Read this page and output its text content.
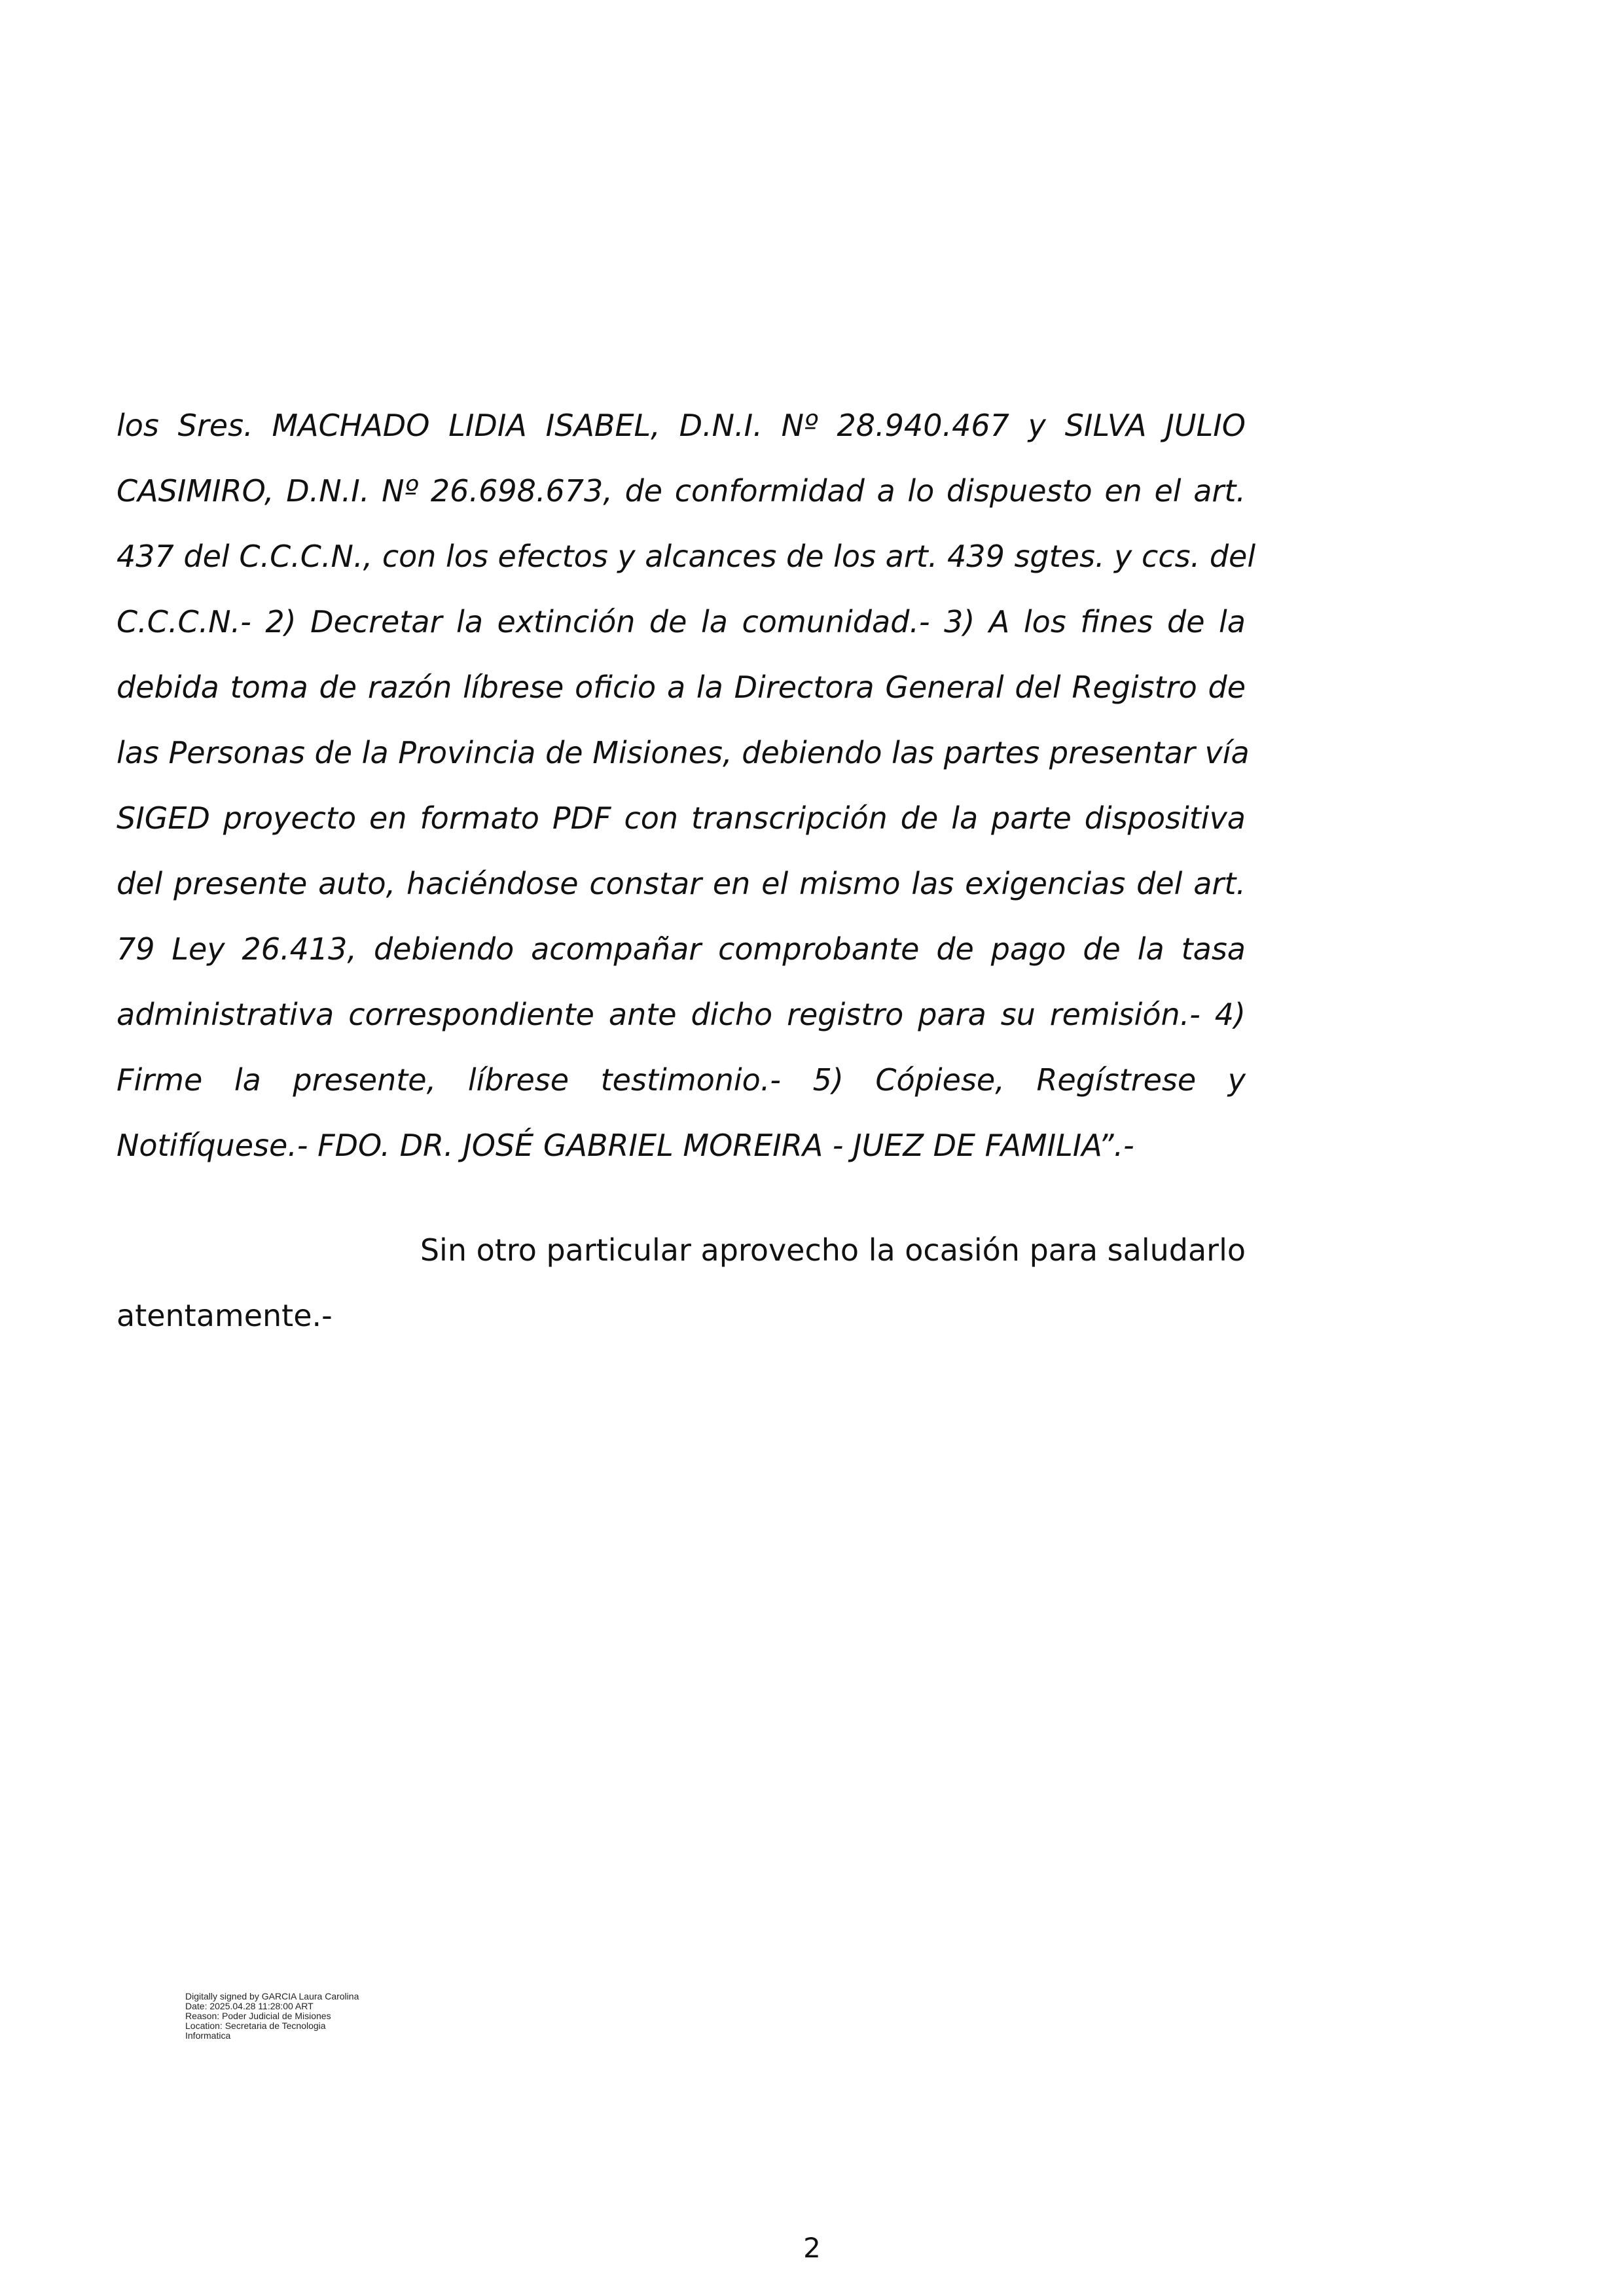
los Sres. MACHADO LIDIA ISABEL, D.N.I. Nº 28.940.467 y SILVA JULIO
CASIMIRO, D.N.I. Nº 26.698.673, de conformidad a lo dispuesto en el art.
437 del C.C.C.N., con los efectos y alcances de los art. 439 sgtes. y ccs. del
C.C.C.N.- 2) Decretar la extinción de la comunidad.- 3) A los fines de la
debida toma de razón líbrese oficio a la Directora General del Registro de
las Personas de la Provincia de Misiones, debiendo las partes presentar vía
SIGED proyecto en formato PDF con transcripción de la parte dispositiva
del presente auto, haciéndose constar en el mismo las exigencias del art.
79 Ley 26.413, debiendo acompañar comprobante de pago de la tasa
administrativa correspondiente ante dicho registro para su remisión.- 4)
Firme la presente, líbrese testimonio.- 5) Cópiese, Regístrese y
Notifíquese.- FDO. DR. JOSÉ GABRIEL MOREIRA - JUEZ DE FAMILIA”.-

Sin otro particular aprovecho la ocasión para saludarlo
atentamente.-

Digitally signed by GARCIA Laura Carolina
Date: 2025.04.28 11:28:00 ART
Reason: Poder Judicial de Misiones
Location: Secretaria de Tecnologia
Informatica
2
